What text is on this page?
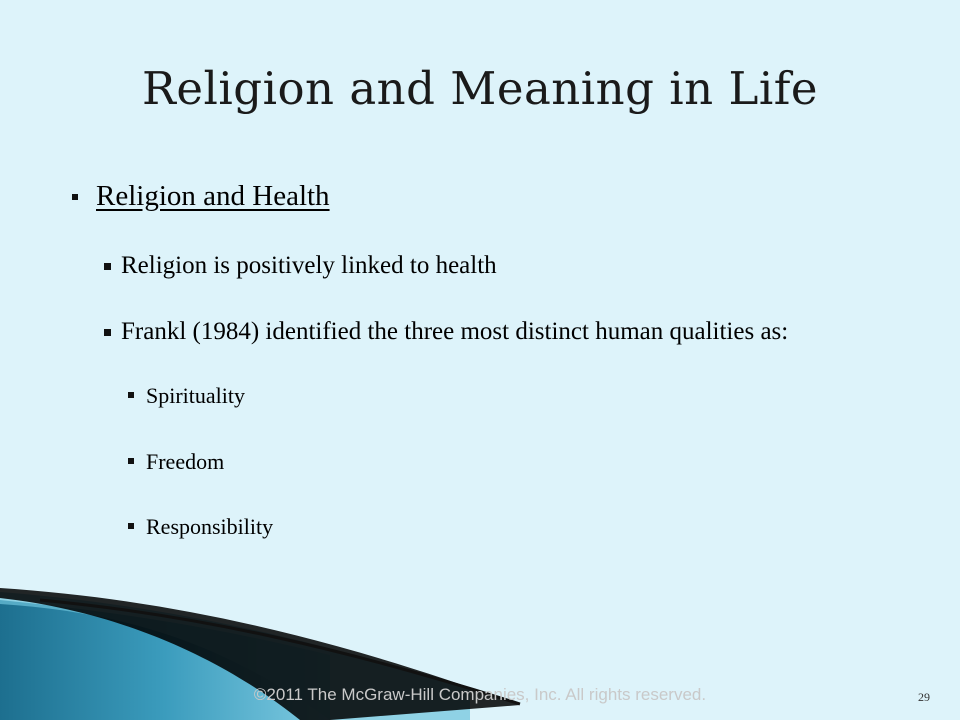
Religion and Meaning in Life
Religion and Health
Religion is positively linked to health
Frankl (1984) identified the three most distinct human qualities as:
Spirituality
Freedom
Responsibility
©2011 The McGraw-Hill Companies, Inc. All rights reserved.	29
